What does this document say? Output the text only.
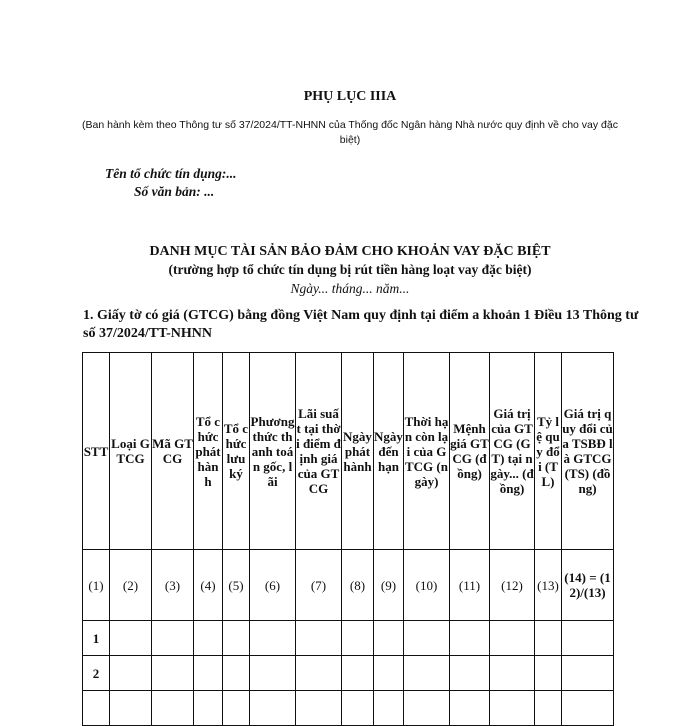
PHỤ LỤC IIIA
(Ban hành kèm theo Thông tư số 37/2024/TT-NHNN của Thống đốc Ngân hàng Nhà nước quy định về cho vay đặc biệt)
Tên tổ chức tín dụng:...
Số văn bản: ...
DANH MỤC TÀI SẢN BẢO ĐẢM CHO KHOẢN VAY ĐẶC BIỆT
(trường hợp tổ chức tín dụng bị rút tiền hàng loạt vay đặc biệt)
Ngày... tháng... năm...
1. Giấy tờ có giá (GTCG) bằng đồng Việt Nam quy định tại điểm a khoản 1 Điều 13 Thông tư số 37/2024/TT-NHNN
STT	Loại GTCG	Mã GTCG	Tổ chức phát hành	Tổ chức lưu ký	Phương thức thanh toán gốc, lãi	Lãi suất tại thời điểm định giá của GTCG	Ngày phát hành	Ngày đến hạn	Thời hạn còn lại của GTCG (ngày)	Mệnh giá GTCG (đồng)	Giá trị của GTCG (GT) tại ngày... (đồng)	Tỷ lệ quy đổi (TL)	Giá trị quy đổi của TSBĐ là GTCG (TS) (đồng)
(1)	(2)	(3)	(4)	(5)	(6)	(7)	(8)	(9)	(10)	(11)	(12)	(13)	(14) = (12)/(13)
1													
2													
